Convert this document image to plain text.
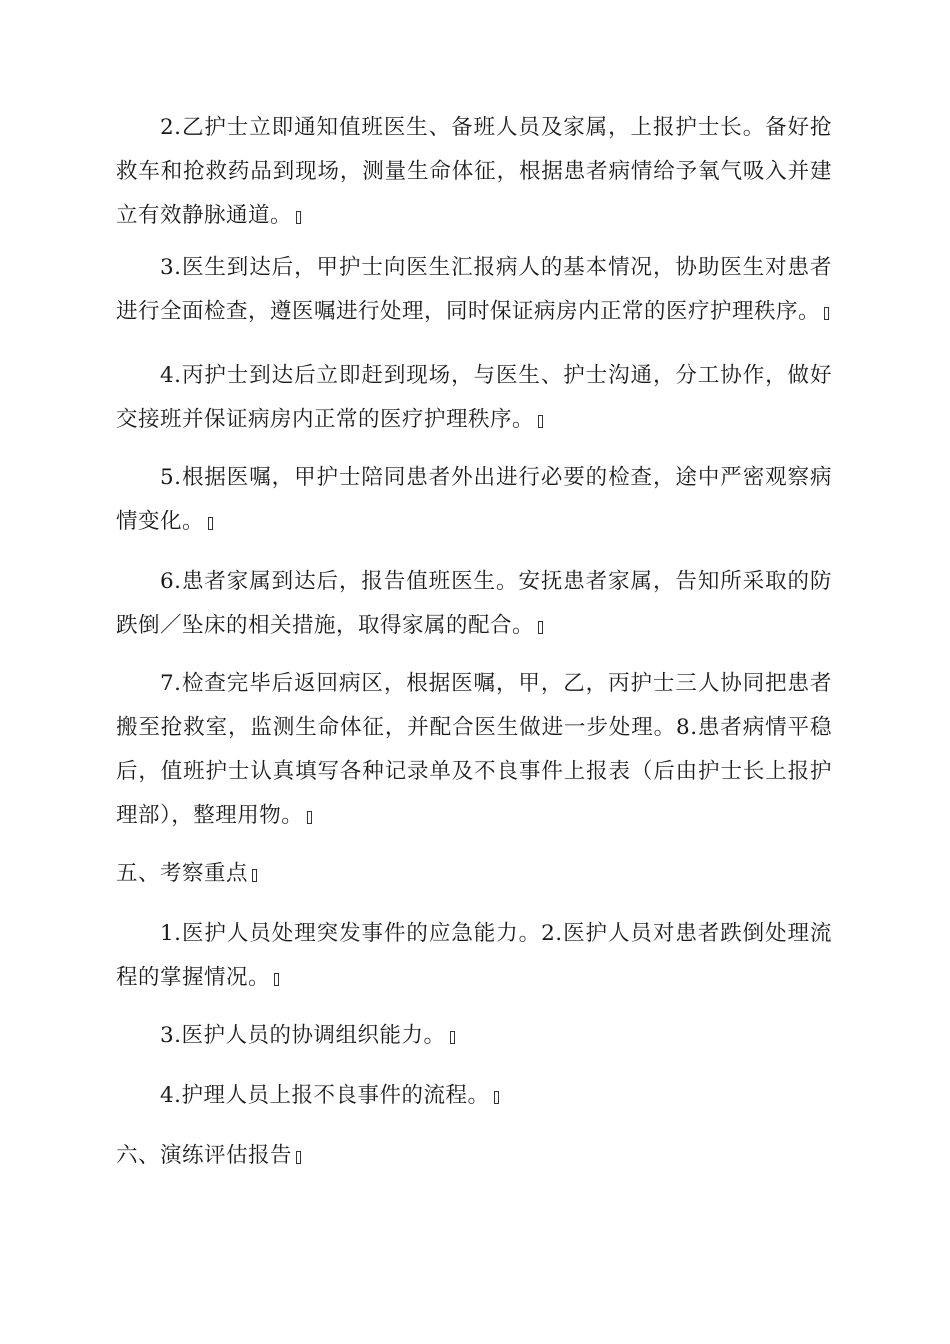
2.乙护士立即通知值班医生、备班人员及家属，上报护士长。备好抢救车和抢救药品到现场，测量生命体征，根据患者病情给予氧气吸入并建立有效静脉通道。

3.医生到达后，甲护士向医生汇报病人的基本情况，协助医生对患者进行全面检查，遵医嘱进行处理，同时保证病房内正常的医疗护理秩序。

4.丙护士到达后立即赶到现场，与医生、护士沟通，分工协作，做好交接班并保证病房内正常的医疗护理秩序。

5.根据医嘱，甲护士陪同患者外出进行必要的检查，途中严密观察病情变化。

6.患者家属到达后，报告值班医生。安抚患者家属，告知所采取的防跌倒／坠床的相关措施，取得家属的配合。

7.检查完毕后返回病区，根据医嘱，甲，乙，丙护士三人协同把患者搬至抢救室，监测生命体征，并配合医生做进一步处理。8.患者病情平稳后，值班护士认真填写各种记录单及不良事件上报表（后由护士长上报护理部），整理用物。

五、考察重点

1.医护人员处理突发事件的应急能力。2.医护人员对患者跌倒处理流程的掌握情况。

3.医护人员的协调组织能力。

4.护理人员上报不良事件的流程。

六、演练评估报告
